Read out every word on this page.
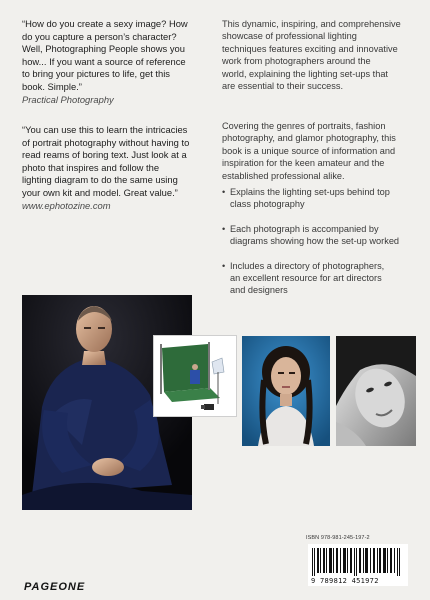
“How do you create a sexy image? How
do you capture a person’s character?
Well, Photographing People shows you
how... If you want a source of reference
to bring your pictures to life, get this
book. Simple.”
Practical Photography
“You can use this to learn the intricacies
of portrait photography without having to
read reams of boring text. Just look at a
photo that inspires and follow the
lighting diagram to do the same using
your own kit and model. Great value.”
www.ephotozine.com
This dynamic, inspiring, and comprehensive
showcase of professional lighting
techniques features exciting and innovative
work from photographers around the
world, explaining the lighting set-ups that
are essential to their success.
Covering the genres of portraits, fashion
photography, and glamor photography, this
book is a unique source of information and
inspiration for the keen amateur and the
established professional alike.
• Explains the lighting set-ups behind top
class photography
• Each photograph is accompanied by
diagrams showing how the set-up worked
• Includes a directory of photographers,
an excellent resource for art directors
and designers
ISBN 978-981-245-197-2
9 789812 451972
PAGEONE
